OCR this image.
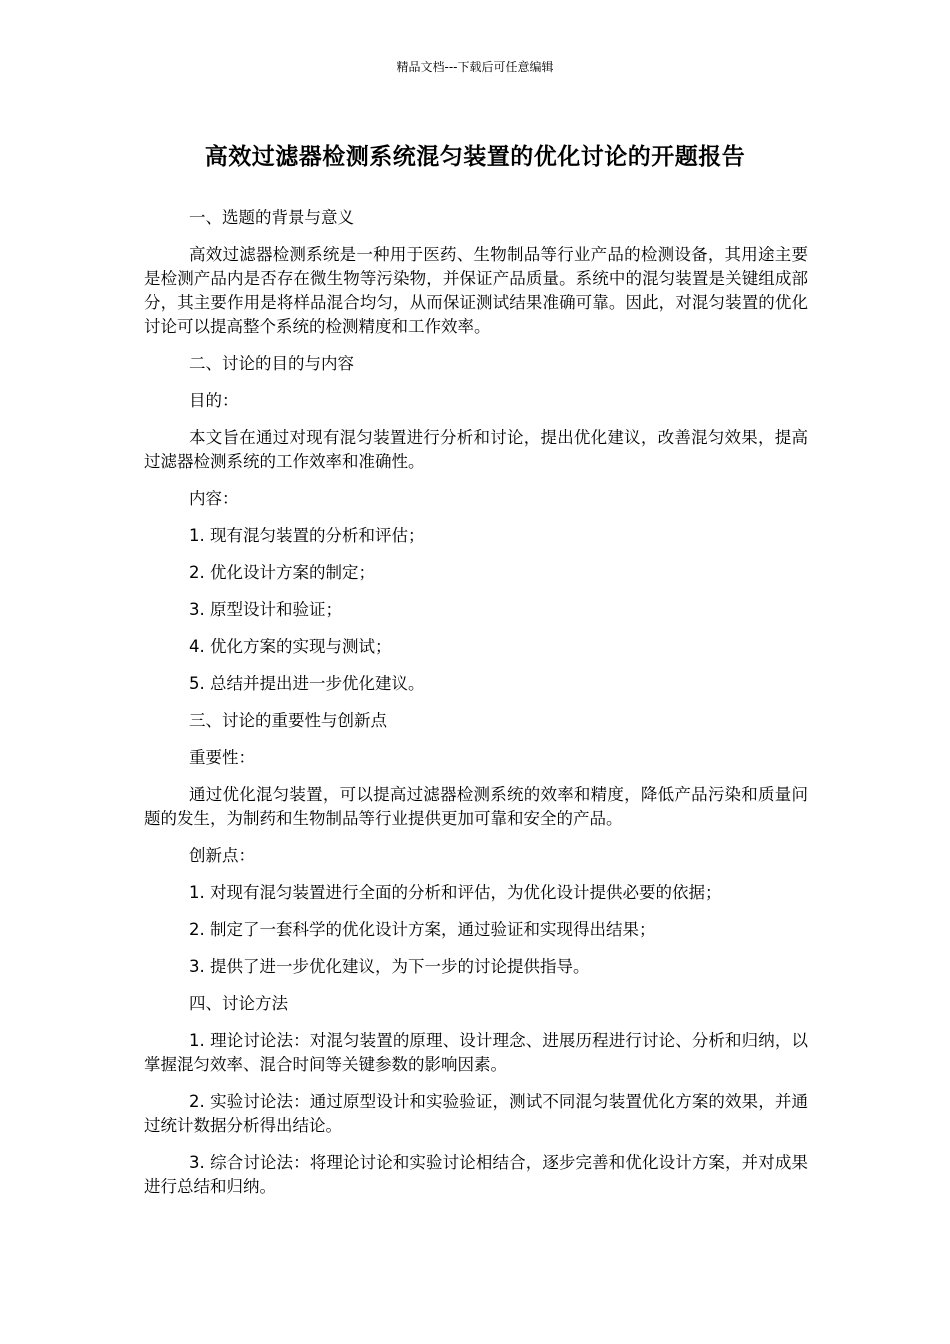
精品文档---下载后可任意编辑
高效过滤器检测系统混匀装置的优化讨论的开题报告

一、选题的背景与意义

高效过滤器检测系统是一种用于医药、生物制品等行业产品的检测设备，其用途主要是检测产品内是否存在微生物等污染物，并保证产品质量。系统中的混匀装置是关键组成部分，其主要作用是将样品混合均匀，从而保证测试结果准确可靠。因此，对混匀装置的优化讨论可以提高整个系统的检测精度和工作效率。

二、讨论的目的与内容

目的：

本文旨在通过对现有混匀装置进行分析和讨论，提出优化建议，改善混匀效果，提高过滤器检测系统的工作效率和准确性。

内容：

1. 现有混匀装置的分析和评估；

2. 优化设计方案的制定；

3. 原型设计和验证；

4. 优化方案的实现与测试；

5. 总结并提出进一步优化建议。

三、讨论的重要性与创新点

重要性：

通过优化混匀装置，可以提高过滤器检测系统的效率和精度，降低产品污染和质量问题的发生，为制药和生物制品等行业提供更加可靠和安全的产品。

创新点：

1. 对现有混匀装置进行全面的分析和评估，为优化设计提供必要的依据；

2. 制定了一套科学的优化设计方案，通过验证和实现得出结果；

3. 提供了进一步优化建议，为下一步的讨论提供指导。

四、讨论方法

1. 理论讨论法：对混匀装置的原理、设计理念、进展历程进行讨论、分析和归纳，以掌握混匀效率、混合时间等关键参数的影响因素。

2. 实验讨论法：通过原型设计和实验验证，测试不同混匀装置优化方案的效果，并通过统计数据分析得出结论。

3. 综合讨论法：将理论讨论和实验讨论相结合，逐步完善和优化设计方案，并对成果进行总结和归纳。
